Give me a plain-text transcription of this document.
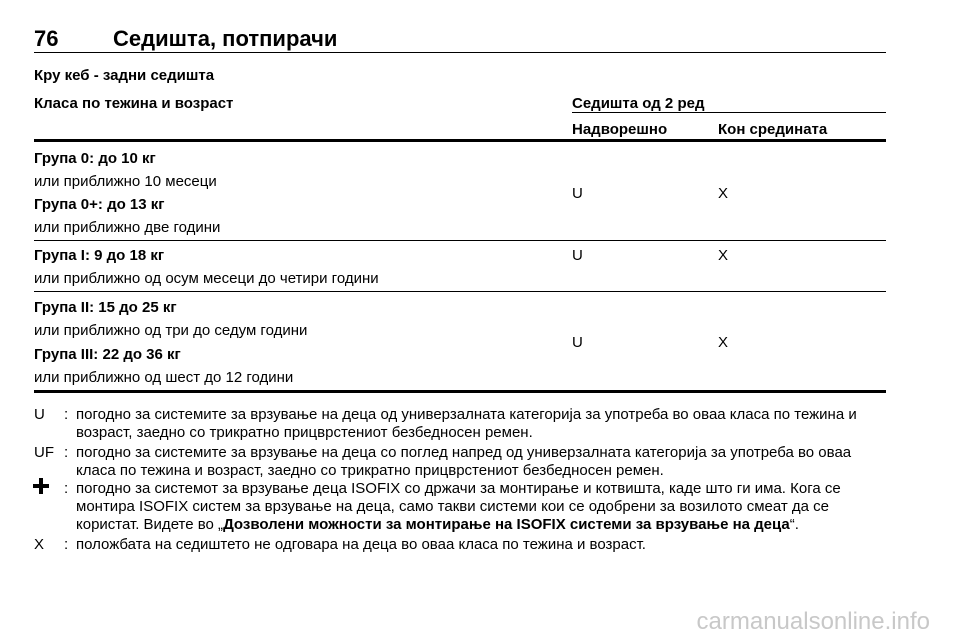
76 Седишта, потпирачи
Кру кеб - задни седишта
Класа по тежина и возраст	Седишта од 2 ред
Надворешно	Кон средината
Група 0: до 10 кг
или приближно 10 месеци
Група 0+: до 13 кг
или приближно две години
U	X
Група I: 9 до 18 кг
или приближно од осум месеци до четири години
U	X
Група II: 15 до 25 кг
или приближно од три до седум години
Група III: 22 до 36 кг
или приближно од шест до 12 години
U	X
U : погодно за системите за врзување на деца од универзалната категорија за употреба во оваа класа по тежина и возраст, заедно со трикратно прицврстениот безбедносен ремен.
UF : погодно за системите за врзување на деца со поглед напред од универзалната категорија за употреба во оваа класа по тежина и возраст, заедно со трикратно прицврстениот безбедносен ремен.
: погодно за системот за врзување деца ISOFIX со држачи за монтирање и котвишта, каде што ги има. Кога се монтира ISOFIX систем за врзување на деца, само такви системи кои се одобрени за возилото смеат да се користат. Видете во „Дозволени можности за монтирање на ISOFIX системи за врзување на деца“.
X : положбата на седиштето не одговара на деца во оваа класа по тежина и возраст.
carmanualsonline.info
